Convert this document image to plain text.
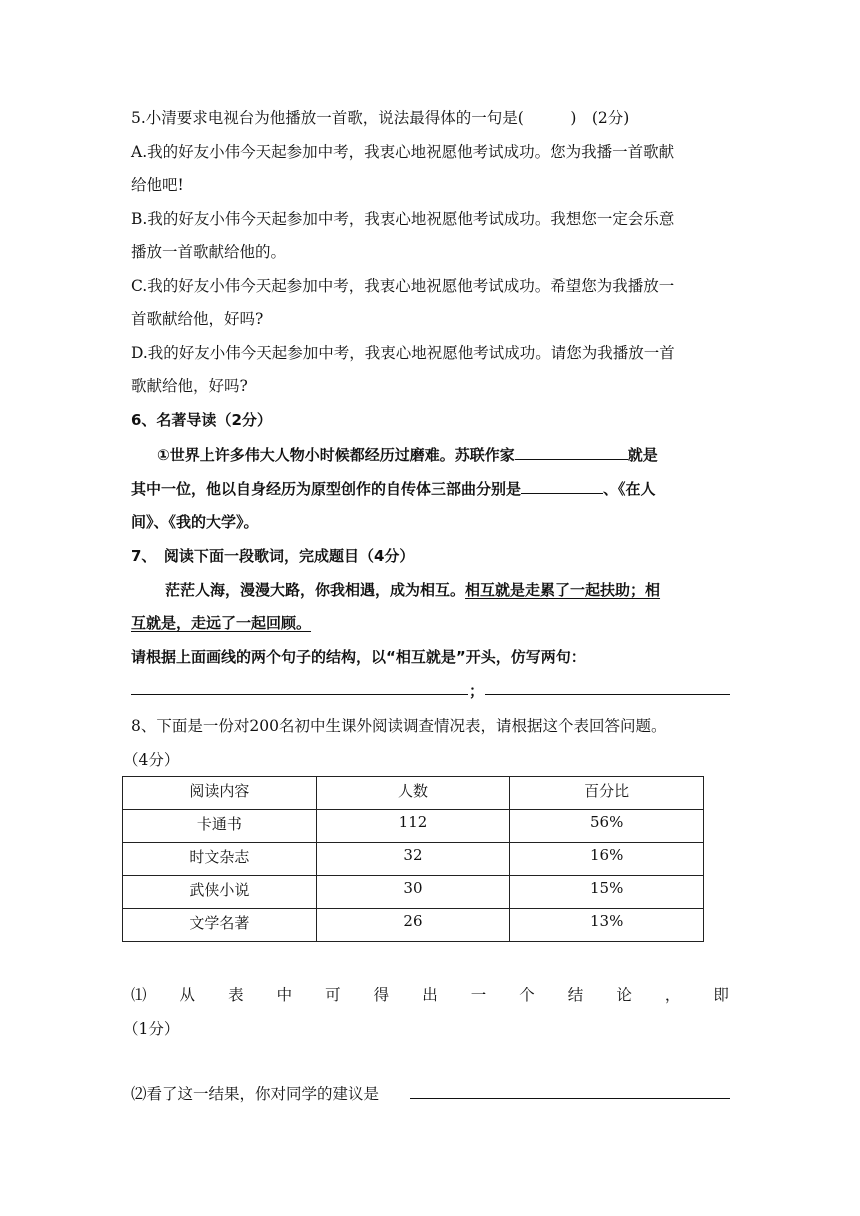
5.小清要求电视台为他播放一首歌，说法最得体的一句是(　　　)　(2分)
A.我的好友小伟今天起参加中考，我衷心地祝愿他考试成功。您为我播一首歌献
给他吧!
B.我的好友小伟今天起参加中考，我衷心地祝愿他考试成功。我想您一定会乐意
播放一首歌献给他的。
C.我的好友小伟今天起参加中考，我衷心地祝愿他考试成功。希望您为我播放一
首歌献给他，好吗?
D.我的好友小伟今天起参加中考，我衷心地祝愿他考试成功。请您为我播放一首
歌献给他，好吗?
6、名著导读（2分）
①世界上许多伟大人物小时候都经历过磨难。苏联作家	就是
其中一位，他以自身经历为原型创作的自传体三部曲分别是	、《在人
间》、《我的大学》。
7、　阅读下面一段歌词，完成题目（4分）
茫茫人海，漫漫大路，你我相遇，成为相互。相互就是走累了一起扶助；相
互就是，走远了一起回顾。
请根据上面画线的两个句子的结构，以“相互就是”开头，仿写两句：
；
8、下面是一份对200名初中生课外阅读调查情况表，请根据这个表回答问题。
（4分）
阅读内容	人数	百分比
卡通书	112	56%
时文杂志	32	16%
武侠小说	30	15%
文学名著	26	13%
⑴ 从 表 中 可 得 出 一 个 结 论 ， 即
（1分）
⑵看了这一结果，你对同学的建议是
